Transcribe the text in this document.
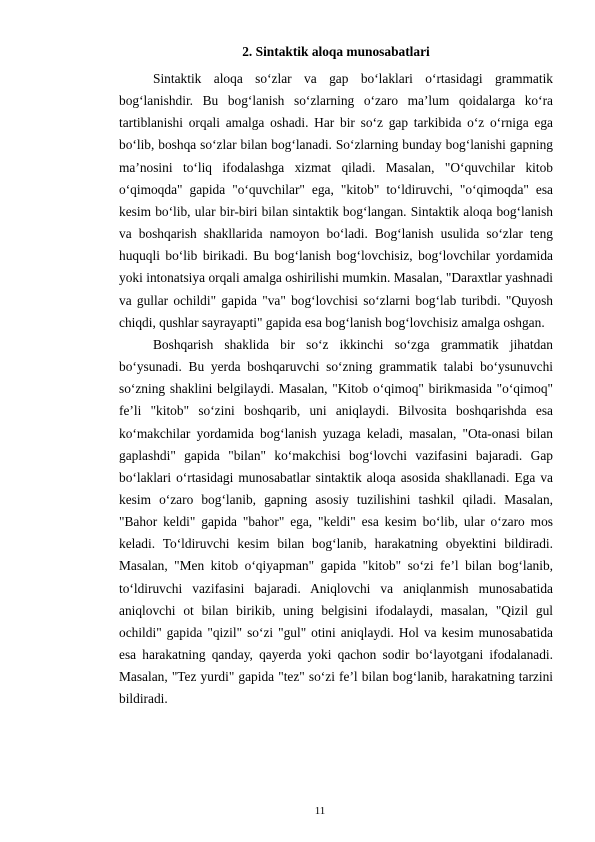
2. Sintaktik aloqa munosabatlari

Sintaktik aloqa so‘zlar va gap bo‘laklari o‘rtasidagi grammatik bog‘lanishdir. Bu bog‘lanish so‘zlarning o‘zaro ma’lum qoidalarga ko‘ra tartiblanishi orqali amalga oshadi. Har bir so‘z gap tarkibida o‘z o‘rniga ega bo‘lib, boshqa so‘zlar bilan bog‘lanadi. So‘zlarning bunday bog‘lanishi gapning ma’nosini to‘liq ifodalashga xizmat qiladi. Masalan, "O‘quvchilar kitob o‘qimoqda" gapida "o‘quvchilar" ega, "kitob" to‘ldiruvchi, "o‘qimoqda" esa kesim bo‘lib, ular bir-biri bilan sintaktik bog‘langan. Sintaktik aloqa bog‘lanish va boshqarish shakllarida namoyon bo‘ladi. Bog‘lanish usulida so‘zlar teng huquqli bo‘lib birikadi. Bu bog‘lanish bog‘lovchisiz, bog‘lovchilar yordamida yoki intonatsiya orqali amalga oshirilishi mumkin. Masalan, "Daraxtlar yashnadi va gullar ochildi" gapida "va" bog‘lovchisi so‘zlarni bog‘lab turibdi. "Quyosh chiqdi, qushlar sayrayapti" gapida esa bog‘lanish bog‘lovchisiz amalga oshgan.

Boshqarish shaklida bir so‘z ikkinchi so‘zga grammatik jihatdan bo‘ysunadi. Bu yerda boshqaruvchi so‘zning grammatik talabi bo‘ysunuvchi so‘zning shaklini belgilaydi. Masalan, "Kitob o‘qimoq" birikmasida "o‘qimoq" fe’li "kitob" so‘zini boshqarib, uni aniqlaydi. Bilvosita boshqarishda esa ko‘makchilar yordamida bog‘lanish yuzaga keladi, masalan, "Ota-onasi bilan gaplashdi" gapida "bilan" ko‘makchisi bog‘lovchi vazifasini bajaradi. Gap bo‘laklari o‘rtasidagi munosabatlar sintaktik aloqa asosida shakllanadi. Ega va kesim o‘zaro bog‘lanib, gapning asosiy tuzilishini tashkil qiladi. Masalan, "Bahor keldi" gapida "bahor" ega, "keldi" esa kesim bo‘lib, ular o‘zaro mos keladi. To‘ldiruvchi kesim bilan bog‘lanib, harakatning obyektini bildiradi. Masalan, "Men kitob o‘qiyapman" gapida "kitob" so‘zi fe’l bilan bog‘lanib, to‘ldiruvchi vazifasini bajaradi. Aniqlovchi va aniqlanmish munosabatida aniqlovchi ot bilan birikib, uning belgisini ifodalaydi, masalan, "Qizil gul ochildi" gapida "qizil" so‘zi "gul" otini aniqlaydi. Hol va kesim munosabatida esa harakatning qanday, qayerda yoki qachon sodir bo‘layotgani ifodalanadi. Masalan, "Tez yurdi" gapida "tez" so‘zi fe’l bilan bog‘lanib, harakatning tarzini bildiradi.

11
